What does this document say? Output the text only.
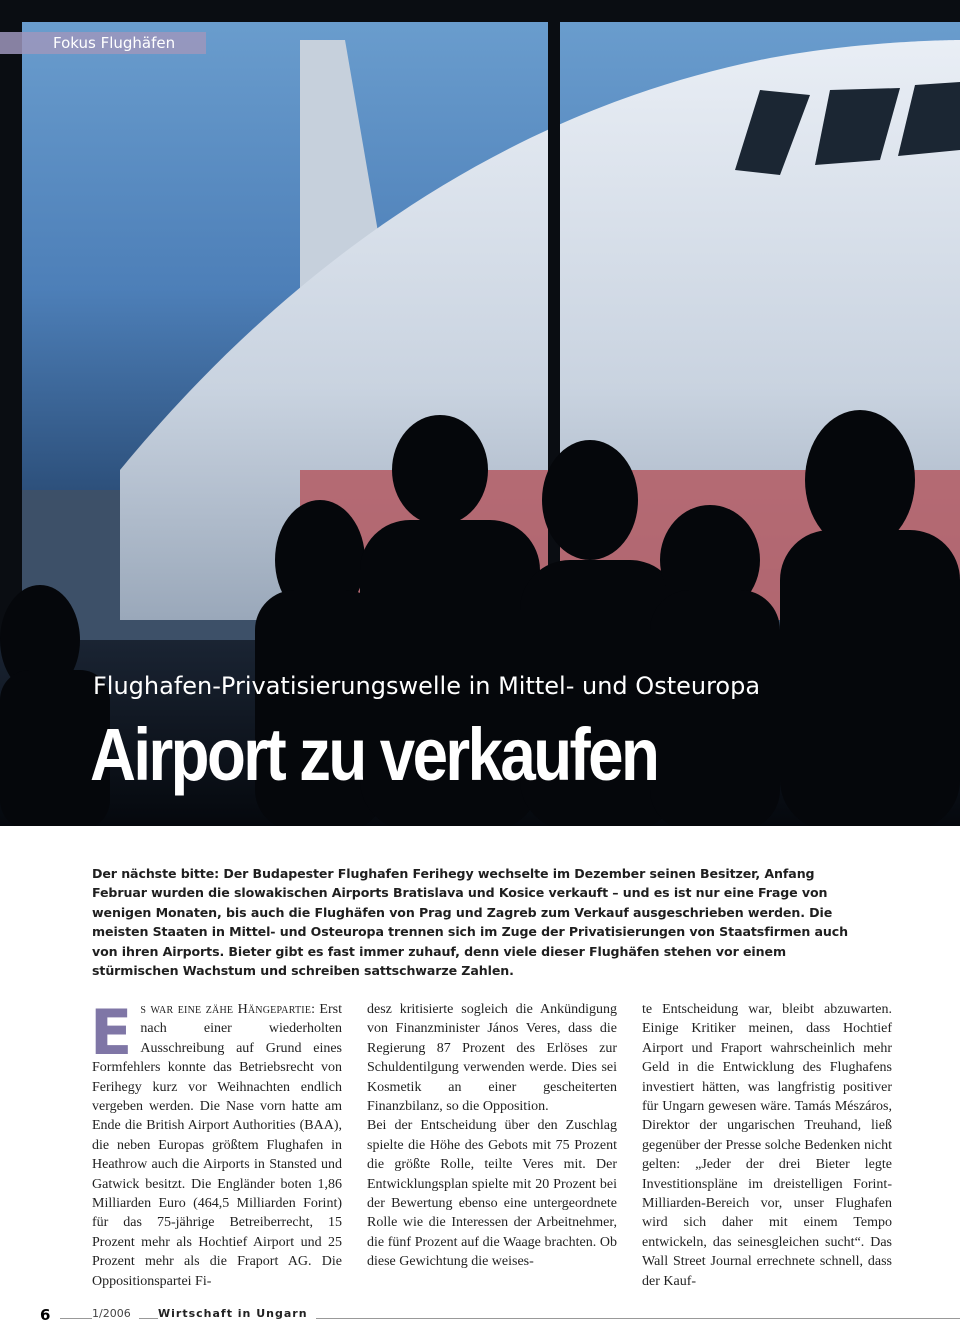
Fokus Flughäfen
Flughafen-Privatisierungswelle in Mittel- und Osteuropa
Airport zu verkaufen

Der nächste bitte: Der Budapester Flughafen Ferihegy wechselte im Dezember seinen Besitzer, Anfang Februar wurden die slowakischen Airports Bratislava und Kosice verkauft – und es ist nur eine Frage von wenigen Monaten, bis auch die Flughäfen von Prag und Zagreb zum Verkauf ausgeschrieben werden. Die meisten Staaten in Mittel- und Osteuropa trennen sich im Zuge der Privatisierungen von Staatsfirmen auch von ihren Airports. Bieter gibt es fast immer zuhauf, denn viele dieser Flughäfen stehen vor einem stürmischen Wachstum und schreiben sattschwarze Zahlen.

Es war eine zähe Hängepartie: Erst nach einer wiederholten Ausschreibung auf Grund eines Formfehlers konnte das Betriebsrecht von Ferihegy kurz vor Weihnachten endlich vergeben werden. Die Nase vorn hatte am Ende die British Airport Authorities (BAA), die neben Europas größtem Flughafen in Heathrow auch die Airports in Stansted und Gatwick besitzt. Die Engländer boten 1,86 Milliarden Euro (464,5 Milliarden Forint) für das 75-jährige Betreiberrecht, 15 Prozent mehr als Hochtief Airport und 25 Prozent mehr als die Fraport AG. Die Oppositionspartei Fi-

desz kritisierte sogleich die Ankündigung von Finanzminister János Veres, dass die Regierung 87 Prozent des Erlöses zur Schuldentilgung verwenden werde. Dies sei Kosmetik an einer gescheiterten Finanzbilanz, so die Opposition.

Bei der Entscheidung über den Zuschlag spielte die Höhe des Gebots mit 75 Prozent die größte Rolle, teilte Veres mit. Der Entwicklungsplan spielte mit 20 Prozent bei der Bewertung ebenso eine untergeordnete Rolle wie die Interessen der Arbeitnehmer, die fünf Prozent auf die Waage brachten. Ob diese Gewichtung die weises-

te Entscheidung war, bleibt abzuwarten. Einige Kritiker meinen, dass Hochtief Airport und Fraport wahrscheinlich mehr Geld in die Entwicklung des Flughafens investiert hätten, was langfristig positiver für Ungarn gewesen wäre. Tamás Mészáros, Direktor der ungarischen Treuhand, ließ gegenüber der Presse solche Bedenken nicht gelten: „Jeder der drei Bieter legte Investitionspläne im dreistelligen Forint-Milliarden-Bereich vor, unser Flughafen wird sich daher mit einem Tempo entwickeln, das seinesgleichen sucht“. Das Wall Street Journal errechnete schnell, dass der Kauf-

6	1/2006	Wirtschaft in Ungarn
